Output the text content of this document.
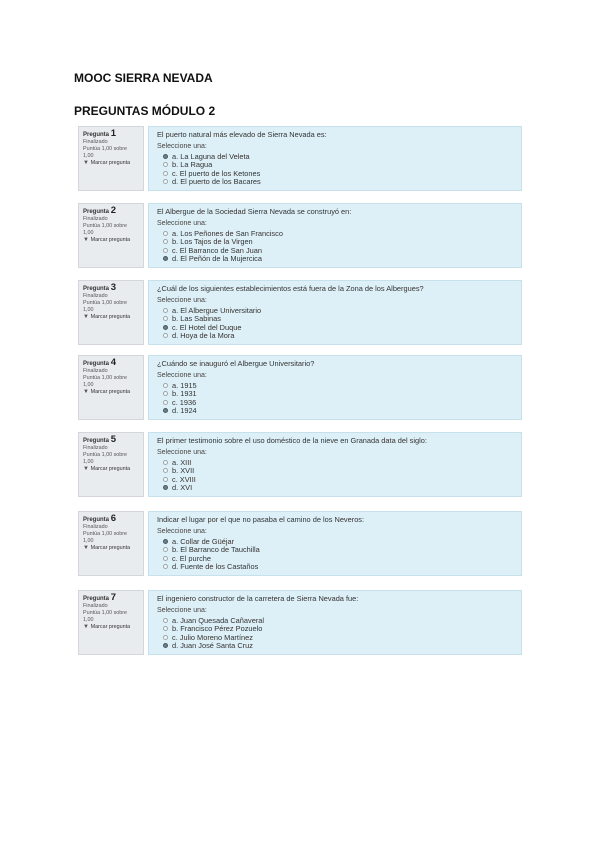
MOOC SIERRA NEVADA
PREGUNTAS MÓDULO 2
Pregunta 1
Finalizado
Puntúa 1,00 sobre 1,00
▼ Marcar pregunta
El puerto natural más elevado de Sierra Nevada es:
Seleccione una:
a. La Laguna del Veleta
b. La Ragua
c. El puerto de los Ketones
d. El puerto de los Bacares
Pregunta 2
Finalizado
Puntúa 1,00 sobre 1,00
▼ Marcar pregunta
El Albergue de la Sociedad Sierra Nevada se construyó en:
Seleccione una:
a. Los Peñones de San Francisco
b. Los Tajos de la Virgen
c. El Barranco de San Juan
d. El Peñón de la Mujercica
Pregunta 3
Finalizado
Puntúa 1,00 sobre 1,00
▼ Marcar pregunta
¿Cuál de los siguientes establecimientos está fuera de la Zona de los Albergues?
Seleccione una:
a. El Albergue Universitario
b. Las Sabinas
c. El Hotel del Duque
d. Hoya de la Mora
Pregunta 4
Finalizado
Puntúa 1,00 sobre 1,00
▼ Marcar pregunta
¿Cuándo se inauguró el Albergue Universitario?
Seleccione una:
a. 1915
b. 1931
c. 1936
d. 1924
Pregunta 5
Finalizado
Puntúa 1,00 sobre 1,00
▼ Marcar pregunta
El primer testimonio sobre el uso doméstico de la nieve en Granada data del siglo:
Seleccione una:
a. XIII
b. XVII
c. XVIII
d. XVI
Pregunta 6
Finalizado
Puntúa 1,00 sobre 1,00
▼ Marcar pregunta
Indicar el lugar por el que no pasaba el camino de los Neveros:
Seleccione una:
a. Collar de Güéjar
b. El Barranco de Tauchilla
c. El purche
d. Fuente de los Castaños
Pregunta 7
Finalizado
Puntúa 1,00 sobre 1,00
▼ Marcar pregunta
El ingeniero constructor de la carretera de Sierra Nevada fue:
Seleccione una:
a. Juan Quesada Cañaveral
b. Francisco Pérez Pozuelo
c. Julio Moreno Martínez
d. Juan José Santa Cruz
